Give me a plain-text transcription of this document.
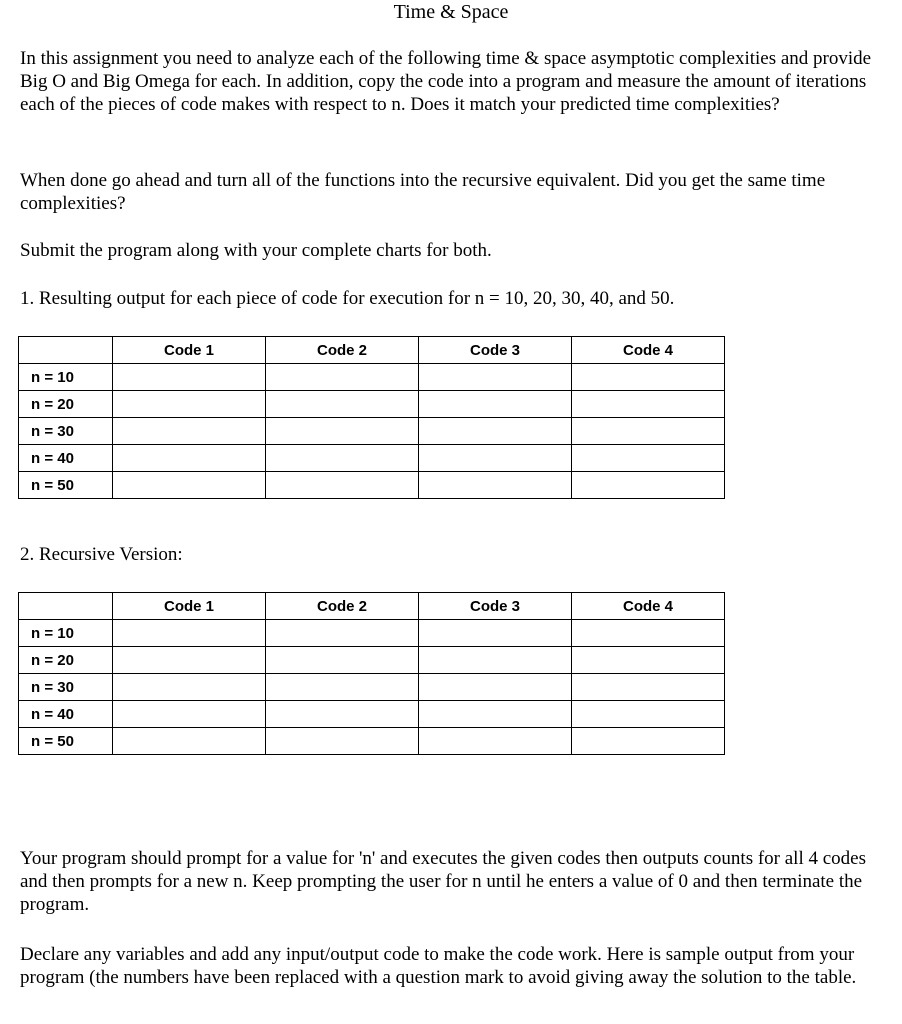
Time & Space

In this assignment you need to analyze each of the following time & space asymptotic complexities and provide Big O and Big Omega for each. In addition, copy the code into a program and measure the amount of iterations each of the pieces of code makes with respect to n. Does it match your predicted time complexities?

When done go ahead and turn all of the functions into the recursive equivalent. Did you get the same time complexities?

Submit the program along with your complete charts for both.

1. Resulting output for each piece of code for execution for n = 10, 20, 30, 40, and 50.

	Code 1	Code 2	Code 3	Code 4
n = 10				
n = 20				
n = 30				
n = 40				
n = 50				

2. Recursive Version:

	Code 1	Code 2	Code 3	Code 4
n = 10				
n = 20				
n = 30				
n = 40				
n = 50				

Your program should prompt for a value for 'n' and executes the given codes then outputs counts for all 4 codes and then prompts for a new n. Keep prompting the user for n until he enters a value of 0 and then terminate the program.

Declare any variables and add any input/output code to make the code work. Here is sample output from your program (the numbers have been replaced with a question mark to avoid giving away the solution to the table.
